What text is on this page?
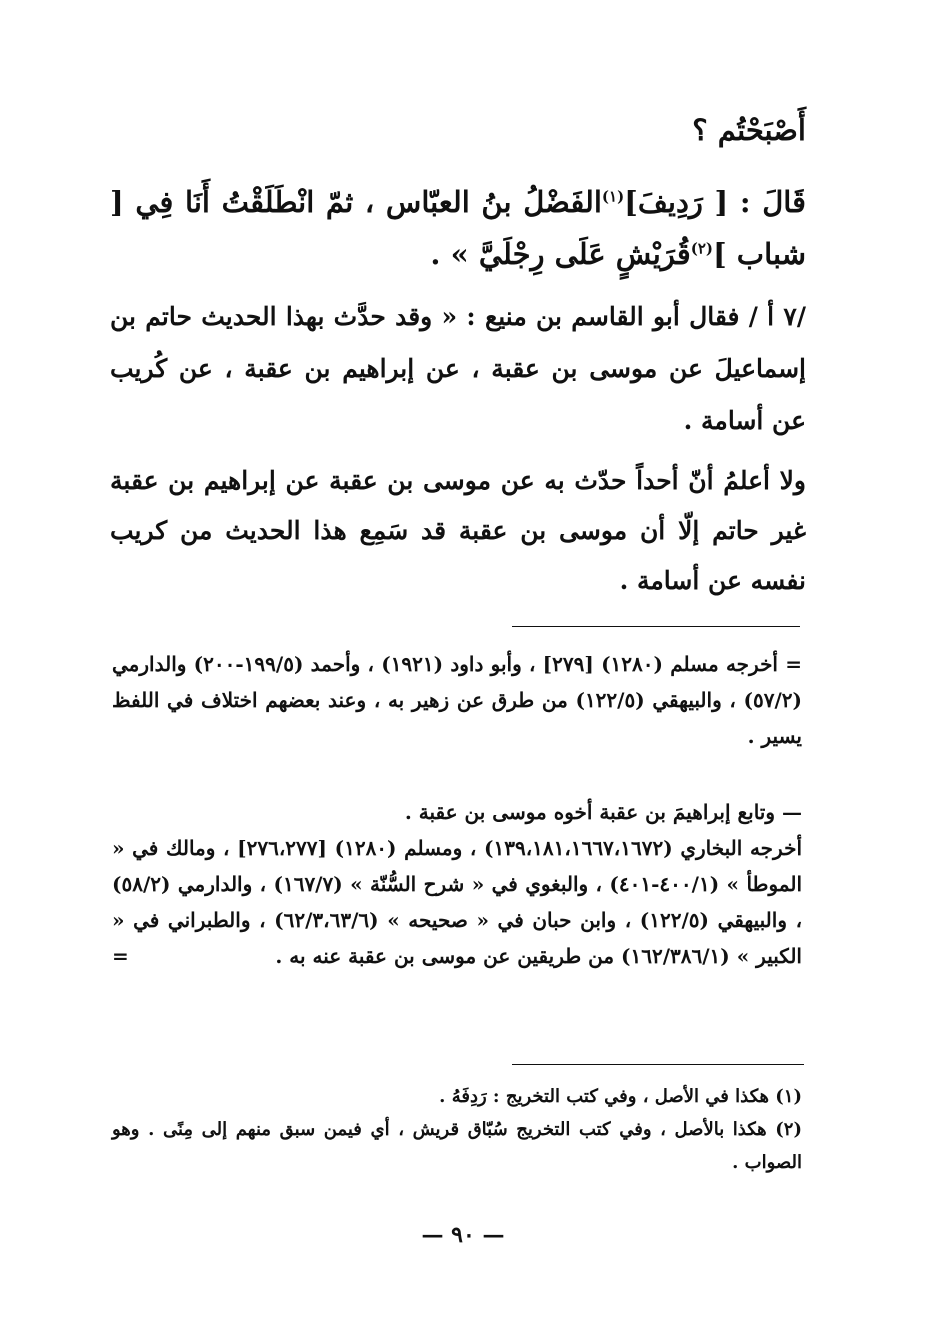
أَصْبَحْتُم ؟

قَالَ : [ رَدِيفَ]$^{(١)}$الفَضْلُ بنُ العبّاس ، ثمّ انْطَلَقْتُ أَنَا فِي [ شباب ]$^{(٢)}$قُرَيْشٍ عَلَى رِجْلَيَّ » .

/٧ أ / فقال أبو القاسم بن منيع : « وقد حدَّث بهذا الحديث حاتم بن إسماعيلَ عن موسى بن عقبة ، عن إبراهيم بن عقبة ، عن كُريب عن أسامة .

ولا أعلمُ أنّ أحداً حدّث به عن موسى بن عقبة عن إبراهيم بن عقبة غير حاتم إلّا أن موسى بن عقبة قد سَمِع هذا الحديث من كريب نفسه عن أسامة .

= أخرجه مسلم (١٢٨٠) [٢٧٩] ، وأبو داود (١٩٢١) ، وأحمد (١٩٩/٥-٢٠٠) والدارمي (٥٧/٢) ، والبيهقي (١٢٢/٥) من طرق عن زهير به ، وعند بعضهم اختلاف في اللفظ يسير .

— وتابع إبراهيمَ بن عقبة أخوه موسى بن عقبة .

أخرجه البخاري (١٣٩،١٨١،١٦٦٧،١٦٧٢) ، ومسلم (١٢٨٠) [٢٧٦،٢٧٧] ، ومالك في « الموطأ » (٤٠٠/١-٤٠١) ، والبغوي في « شرح السُّنّة » (١٦٧/٧) ، والدارمي (٥٨/٢) ، والبيهقي (١٢٢/٥) ، وابن حبان في « صحيحه » (٦٢/٣،٦٣/٦) ، والطبراني في « الكبير » (١٦٢/٣٨٦/١) من طريقين عن موسى بن عقبة عنه به .
=

(١) هكذا في الأصل ، وفي كتب التخريج : رَدِفَهُ .

(٢) هكذا بالأصل ، وفي كتب التخريج سُبّاق قريش ، أي فيمن سبق منهم إلى مِنًى . وهو الصواب .

— ٩٠ —
